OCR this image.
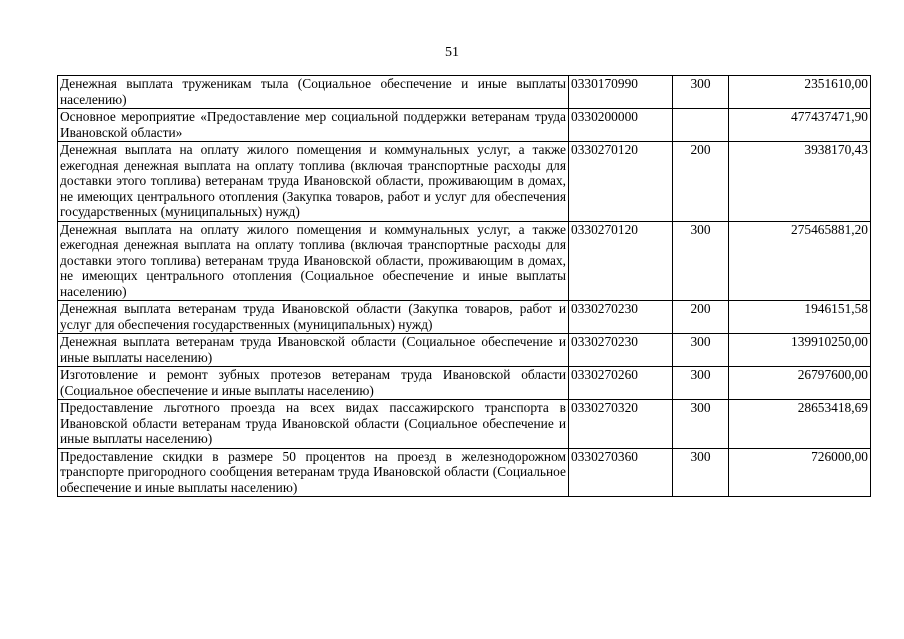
51
Денежная выплата труженикам тыла (Социальное обеспечение и иные выплаты населению)	0330170990	300	2351610,00
Основное мероприятие «Предоставление мер социальной поддержки ветеранам труда Ивановской области»	0330200000		477437471,90
Денежная выплата на оплату жилого помещения и коммунальных услуг, а также ежегодная денежная выплата на оплату топлива (включая транспортные расходы для доставки этого топлива) ветеранам труда Ивановской области, проживающим в домах, не имеющих центрального отопления (Закупка товаров, работ и услуг для обеспечения государственных (муниципальных) нужд)	0330270120	200	3938170,43
Денежная выплата на оплату жилого помещения и коммунальных услуг, а также ежегодная денежная выплата на оплату топлива (включая транспортные расходы для доставки этого топлива) ветеранам труда Ивановской области, проживающим в домах, не имеющих центрального отопления (Социальное обеспечение и иные выплаты населению)	0330270120	300	275465881,20
Денежная выплата ветеранам труда Ивановской области (Закупка товаров, работ и услуг для обеспечения государственных (муниципальных) нужд)	0330270230	200	1946151,58
Денежная выплата ветеранам труда Ивановской области (Социальное обеспечение и иные выплаты населению)	0330270230	300	139910250,00
Изготовление и ремонт зубных протезов ветеранам труда Ивановской области (Социальное обеспечение и иные выплаты населению)	0330270260	300	26797600,00
Предоставление льготного проезда на всех видах пассажирского транспорта в Ивановской области ветеранам труда Ивановской области (Социальное обеспечение и иные выплаты населению)	0330270320	300	28653418,69
Предоставление скидки в размере 50 процентов на проезд в железнодорожном транспорте пригородного сообщения ветеранам труда Ивановской области (Социальное обеспечение и иные выплаты населению)	0330270360	300	726000,00
